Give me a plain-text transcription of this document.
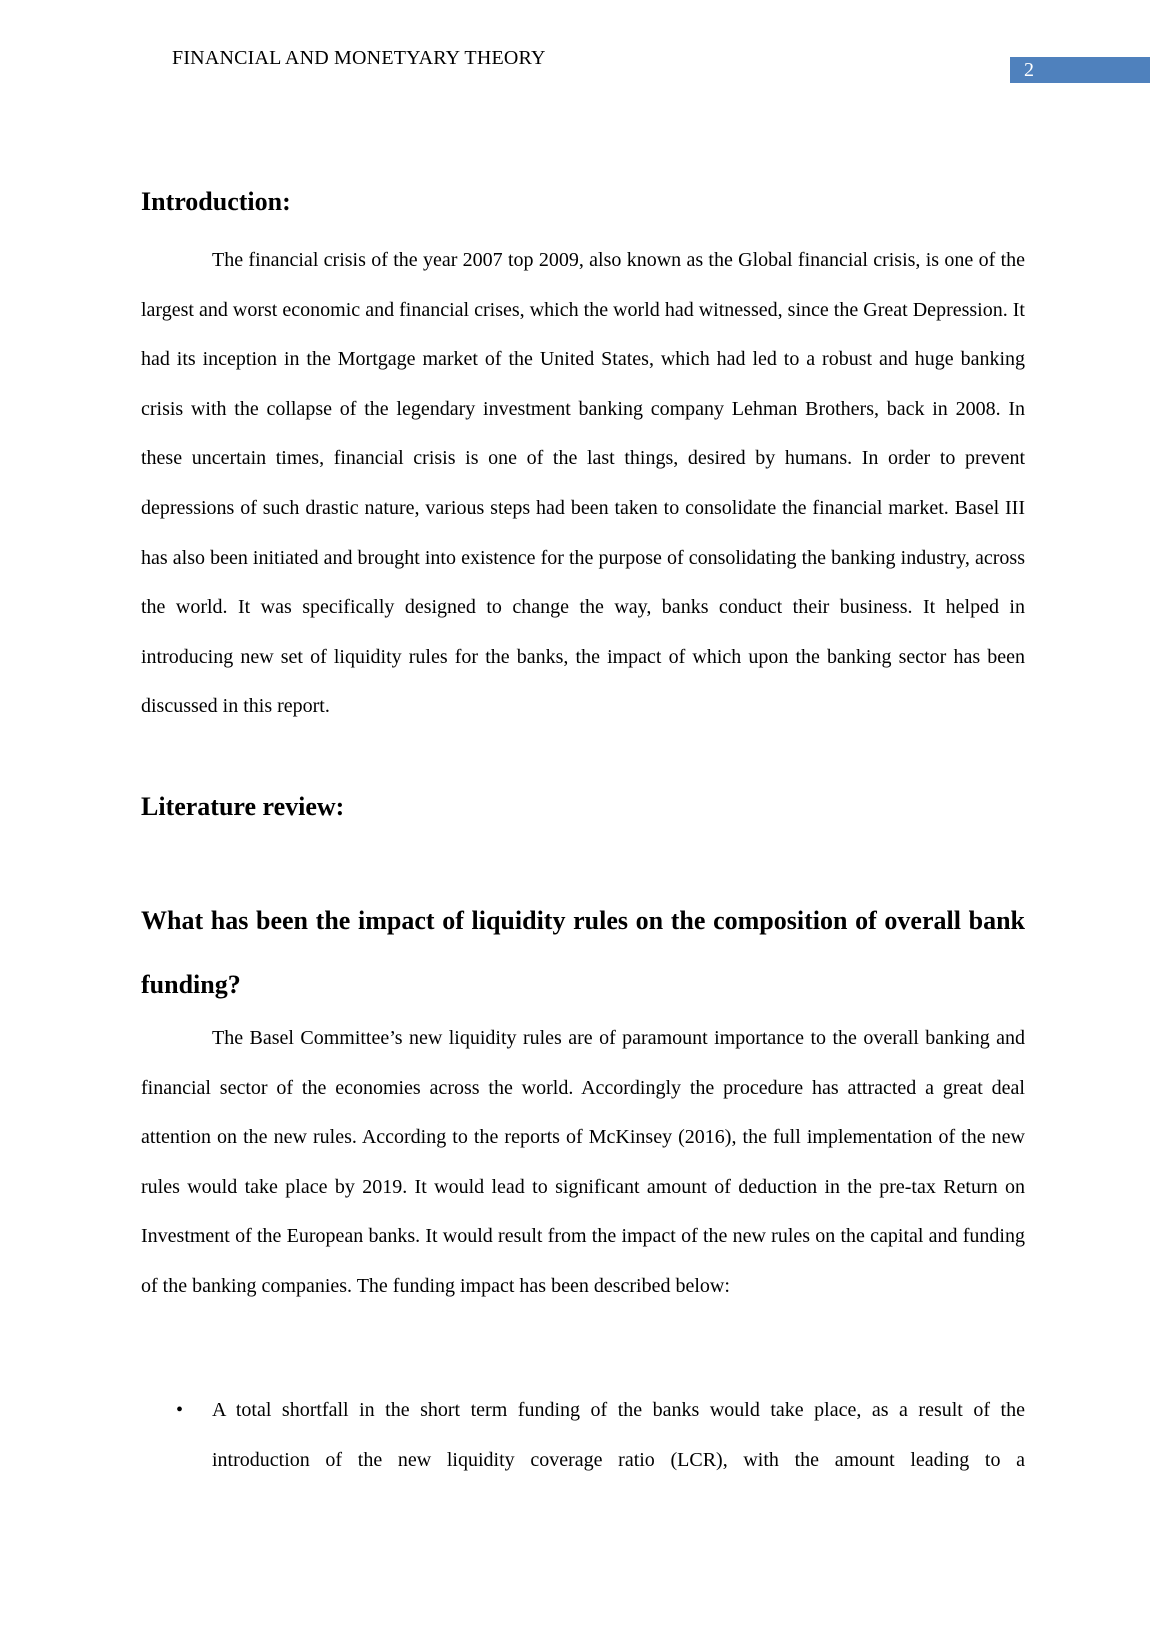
FINANCIAL AND MONETYARY THEORY
2
Introduction:

The financial crisis of the year 2007 top 2009, also known as the Global financial crisis, is one of the largest and worst economic and financial crises, which the world had witnessed, since the Great Depression. It had its inception in the Mortgage market of the United States, which had led to a robust and huge banking crisis with the collapse of the legendary investment banking company Lehman Brothers, back in 2008. In these uncertain times, financial crisis is one of the last things, desired by humans. In order to prevent depressions of such drastic nature, various steps had been taken to consolidate the financial market. Basel III has also been initiated and brought into existence for the purpose of consolidating the banking industry, across the world. It was specifically designed to change the way, banks conduct their business. It helped in introducing new set of liquidity rules for the banks, the impact of which upon the banking sector has been discussed in this report.

Literature review:
What has been the impact of liquidity rules on the composition of overall bank funding?

The Basel Committee’s new liquidity rules are of paramount importance to the overall banking and financial sector of the economies across the world. Accordingly the procedure has attracted a great deal attention on the new rules. According to the reports of McKinsey (2016), the full implementation of the new rules would take place by 2019. It would lead to significant amount of deduction in the pre-tax Return on Investment of the European banks. It would result from the impact of the new rules on the capital and funding of the banking companies. The funding impact has been described below:

• A total shortfall in the short term funding of the banks would take place, as a result of the introduction of the new liquidity coverage ratio (LCR), with the amount leading to a
